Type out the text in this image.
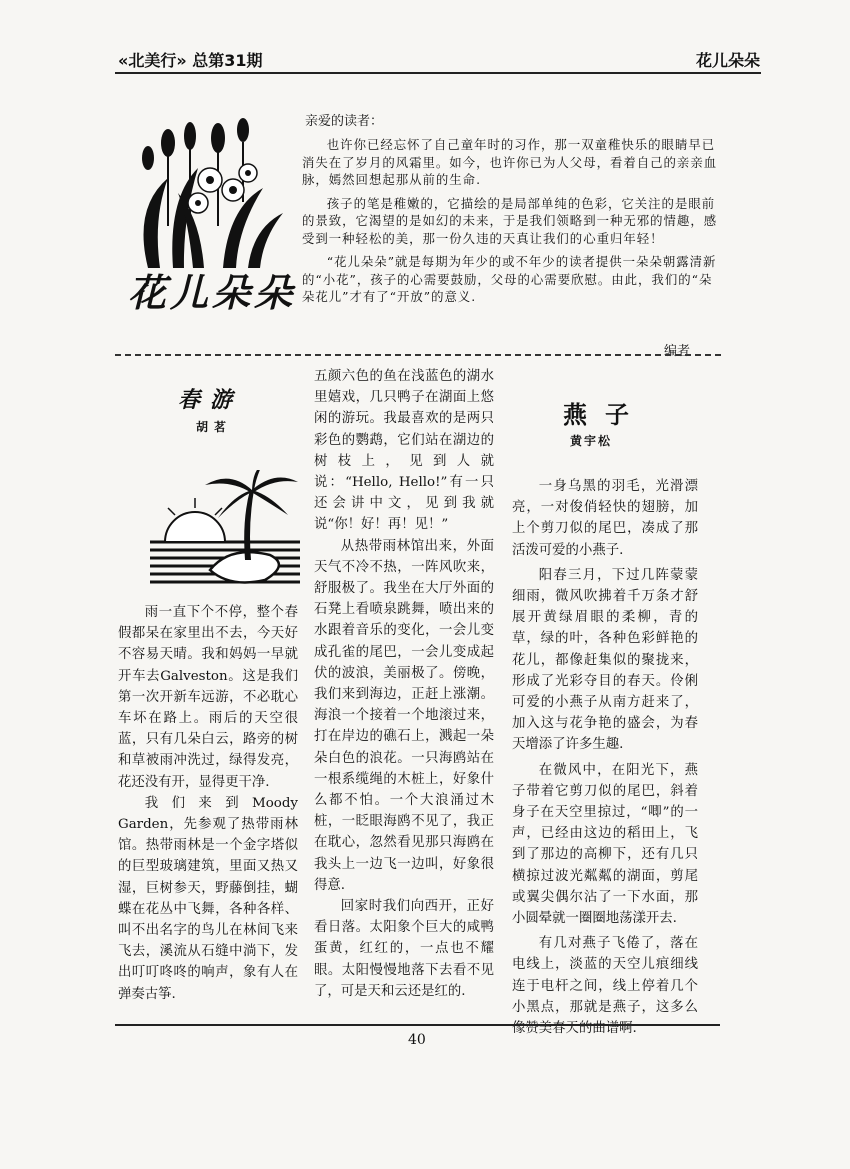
«北美行» 总第31期	花儿朵朵
花儿朵朵
亲爱的读者：

也许你已经忘怀了自己童年时的习作，那一双童稚快乐的眼睛早已消失在了岁月的风霜里。如今，也许你已为人父母，看着自己的亲亲血脉，嫣然回想起那从前的生命.

孩子的笔是稚嫩的，它描绘的是局部单纯的色彩，它关注的是眼前的景致，它渴望的是如幻的未来，于是我们领略到一种无邪的情趣，感受到一种轻松的美，那一份久违的天真让我们的心重归年轻！

“花儿朵朵”就是每期为年少的或不年少的读者提供一朵朵朝露清新的“小花”，孩子的心需要鼓励，父母的心需要欣慰。由此，我们的“朵朵花儿”才有了“开放”的意义.

编者
春游
胡茗

雨一直下个不停，整个春假都呆在家里出不去，今天好不容易天晴。我和妈妈一早就开车去Galveston。这是我们第一次开新车远游，不必耽心车坏在路上。雨后的天空很蓝，只有几朵白云，路旁的树和草被雨冲洗过，绿得发亮，花还没有开，显得更干净.

我们来到Moody Garden，先参观了热带雨林馆。热带雨林是一个金字塔似的巨型玻璃建筑，里面又热又湿，巨树参天，野藤倒挂，蝴蝶在花丛中飞舞，各种各样、叫不出名字的鸟儿在林间飞来飞去，溪流从石缝中淌下，发出叮叮咚咚的响声，象有人在弹奏古筝.

五颜六色的鱼在浅蓝色的湖水里嬉戏，几只鸭子在湖面上悠闲的游玩。我最喜欢的是两只彩色的鹦鹉，它们站在湖边的树枝上，见到人就说：“Hello, Hello!”有一只还会讲中文，见到我就说“你！好！再！见！”

从热带雨林馆出来，外面天气不冷不热，一阵风吹来，舒服极了。我坐在大厅外面的石凳上看喷泉跳舞，喷出来的水跟着音乐的变化，一会儿变成孔雀的尾巴，一会儿变成起伏的波浪，美丽极了。傍晚，我们来到海边，正赶上涨潮。海浪一个接着一个地滚过来，打在岸边的礁石上，溅起一朵朵白色的浪花。一只海鸥站在一根系缆绳的木桩上，好象什么都不怕。一个大浪涌过木桩，一眨眼海鸥不见了，我正在耽心，忽然看见那只海鸥在我头上一边飞一边叫，好象很得意.

回家时我们向西开，正好看日落。太阳象个巨大的咸鸭蛋黄，红红的，一点也不耀眼。太阳慢慢地落下去看不见了，可是天和云还是红的.

燕子
黄宇松

一身乌黑的羽毛，光滑漂亮，一对俊俏轻快的翅膀，加上个剪刀似的尾巴，凑成了那活泼可爱的小燕子.

阳春三月，下过几阵蒙蒙细雨，微风吹拂着千万条才舒展开黄绿眉眼的柔柳，青的草，绿的叶，各种色彩鲜艳的花儿，都像赶集似的聚拢来，形成了光彩夺目的春天。伶俐可爱的小燕子从南方赶来了，加入这与花争艳的盛会，为春天增添了许多生趣.

在微风中，在阳光下，燕子带着它剪刀似的尾巴，斜着身子在天空里掠过，“唧”的一声，已经由这边的稻田上，飞到了那边的高柳下，还有几只横掠过波光粼粼的湖面，剪尾或翼尖偶尔沾了一下水面，那小圆晕就一圈圈地荡漾开去.

有几对燕子飞倦了，落在电线上，淡蓝的天空儿痕细线连于电杆之间，线上停着几个小黑点，那就是燕子，这多么像赞美春天的曲谱啊.

40
